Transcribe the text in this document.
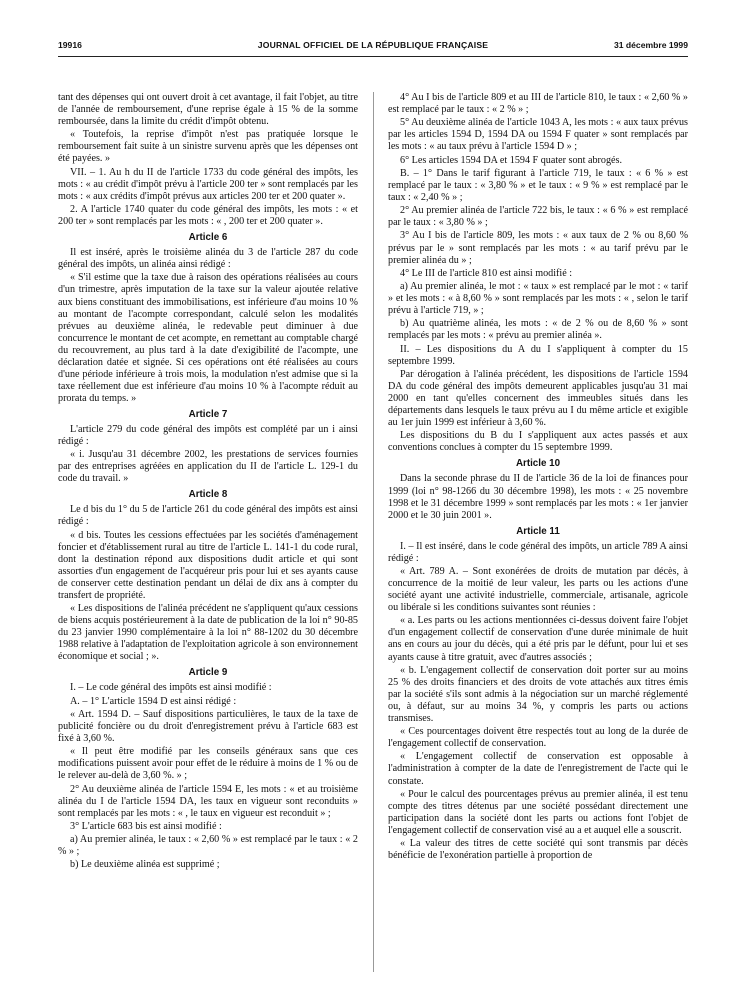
19916	JOURNAL OFFICIEL DE LA RÉPUBLIQUE FRANÇAISE	31 décembre 1999

tant des dépenses qui ont ouvert droit à cet avantage, il fait l'objet, au titre de l'année de remboursement, d'une reprise égale à 15 % de la somme remboursée, dans la limite du crédit d'impôt obtenu.

« Toutefois, la reprise d'impôt n'est pas pratiquée lorsque le remboursement fait suite à un sinistre survenu après que les dépenses ont été payées. »

VII. – 1. Au h du II de l'article 1733 du code général des impôts, les mots : « au crédit d'impôt prévu à l'article 200 ter » sont remplacés par les mots : « aux crédits d'impôt prévus aux articles 200 ter et 200 quater ».

2. A l'article 1740 quater du code général des impôts, les mots : « et 200 ter » sont remplacés par les mots : « , 200 ter et 200 quater ».

Article 6

Il est inséré, après le troisième alinéa du 3 de l'article 287 du code général des impôts, un alinéa ainsi rédigé :

« S'il estime que la taxe due à raison des opérations réalisées au cours d'un trimestre, après imputation de la taxe sur la valeur ajoutée relative aux biens constituant des immobilisations, est inférieure d'au moins 10 % au montant de l'acompte correspondant, calculé selon les modalités prévues au deuxième alinéa, le redevable peut diminuer à due concurrence le montant de cet acompte, en remettant au comptable chargé du recouvrement, au plus tard à la date d'exigibilité de l'acompte, une déclaration datée et signée. Si ces opérations ont été réalisées au cours d'une période inférieure à trois mois, la modulation n'est admise que si la taxe réellement due est inférieure d'au moins 10 % à l'acompte réduit au prorata du temps. »

Article 7

L'article 279 du code général des impôts est complété par un i ainsi rédigé :

« i. Jusqu'au 31 décembre 2002, les prestations de services fournies par des entreprises agréées en application du II de l'article L. 129-1 du code du travail. »

Article 8

Le d bis du 1° du 5 de l'article 261 du code général des impôts est ainsi rédigé :

« d bis. Toutes les cessions effectuées par les sociétés d'aménagement foncier et d'établissement rural au titre de l'article L. 141-1 du code rural, dont la destination répond aux dispositions dudit article et qui sont assorties d'un engagement de l'acquéreur pris pour lui et ses ayants cause de conserver cette destination pendant un délai de dix ans à compter du transfert de propriété.

« Les dispositions de l'alinéa précédent ne s'appliquent qu'aux cessions de biens acquis postérieurement à la date de publication de la loi n° 90-85 du 23 janvier 1990 complémentaire à la loi n° 88-1202 du 30 décembre 1988 relative à l'adaptation de l'exploitation agricole à son environnement économique et social ; ».

Article 9

I. – Le code général des impôts est ainsi modifié :

A. – 1° L'article 1594 D est ainsi rédigé :

« Art. 1594 D. – Sauf dispositions particulières, le taux de la taxe de publicité foncière ou du droit d'enregistrement prévu à l'article 683 est fixé à 3,60 %.

« Il peut être modifié par les conseils généraux sans que ces modifications puissent avoir pour effet de le réduire à moins de 1 % ou de le relever au-delà de 3,60 %. » ;

2° Au deuxième alinéa de l'article 1594 E, les mots : « et au troisième alinéa du I de l'article 1594 DA, les taux en vigueur sont reconduits » sont remplacés par les mots : « , le taux en vigueur est reconduit » ;

3° L'article 683 bis est ainsi modifié :

a) Au premier alinéa, le taux : « 2,60 % » est remplacé par le taux : « 2 % » ;

b) Le deuxième alinéa est supprimé ;

4° Au I bis de l'article 809 et au III de l'article 810, le taux : « 2,60 % » est remplacé par le taux : « 2 % » ;

5° Au deuxième alinéa de l'article 1043 A, les mots : « aux taux prévus par les articles 1594 D, 1594 DA ou 1594 F quater » sont remplacés par les mots : « au taux prévu à l'article 1594 D » ;

6° Les articles 1594 DA et 1594 F quater sont abrogés.

B. – 1° Dans le tarif figurant à l'article 719, le taux : « 6 % » est remplacé par le taux : « 3,80 % » et le taux : « 9 % » est remplacé par le taux : « 2,40 % » ;

2° Au premier alinéa de l'article 722 bis, le taux : « 6 % » est remplacé par le taux : « 3,80 % » ;

3° Au I bis de l'article 809, les mots : « aux taux de 2 % ou 8,60 % prévus par le » sont remplacés par les mots : « au tarif prévu par le premier alinéa du » ;

4° Le III de l'article 810 est ainsi modifié :

a) Au premier alinéa, le mot : « taux » est remplacé par le mot : « tarif » et les mots : « à 8,60 % » sont remplacés par les mots : « , selon le tarif prévu à l'article 719, » ;

b) Au quatrième alinéa, les mots : « de 2 % ou de 8,60 % » sont remplacés par les mots : « prévu au premier alinéa ».

II. – Les dispositions du A du I s'appliquent à compter du 15 septembre 1999.

Par dérogation à l'alinéa précédent, les dispositions de l'article 1594 DA du code général des impôts demeurent applicables jusqu'au 31 mai 2000 en tant qu'elles concernent des immeubles situés dans les départements dans lesquels le taux prévu au I du même article et exigible au 1er juin 1999 est inférieur à 3,60 %.

Les dispositions du B du I s'appliquent aux actes passés et aux conventions conclues à compter du 15 septembre 1999.

Article 10

Dans la seconde phrase du II de l'article 36 de la loi de finances pour 1999 (loi n° 98-1266 du 30 décembre 1998), les mots : « 25 novembre 1998 et le 31 décembre 1999 » sont remplacés par les mots : « 1er janvier 2000 et le 30 juin 2001 ».

Article 11

I. – Il est inséré, dans le code général des impôts, un article 789 A ainsi rédigé :

« Art. 789 A. – Sont exonérées de droits de mutation par décès, à concurrence de la moitié de leur valeur, les parts ou les actions d'une société ayant une activité industrielle, commerciale, artisanale, agricole ou libérale si les conditions suivantes sont réunies :

« a. Les parts ou les actions mentionnées ci-dessus doivent faire l'objet d'un engagement collectif de conservation d'une durée minimale de huit ans en cours au jour du décès, qui a été pris par le défunt, pour lui et ses ayants cause à titre gratuit, avec d'autres associés ;

« b. L'engagement collectif de conservation doit porter sur au moins 25 % des droits financiers et des droits de vote attachés aux titres émis par la société s'ils sont admis à la négociation sur un marché réglementé ou, à défaut, sur au moins 34 %, y compris les parts ou actions transmises.

« Ces pourcentages doivent être respectés tout au long de la durée de l'engagement collectif de conservation.

« L'engagement collectif de conservation est opposable à l'administration à compter de la date de l'enregistrement de l'acte qui le constate.

« Pour le calcul des pourcentages prévus au premier alinéa, il est tenu compte des titres détenus par une société possédant directement une participation dans la société dont les parts ou actions font l'objet de l'engagement collectif de conservation visé au a et auquel elle a souscrit.

« La valeur des titres de cette société qui sont transmis par décès bénéficie de l'exonération partielle à proportion de
